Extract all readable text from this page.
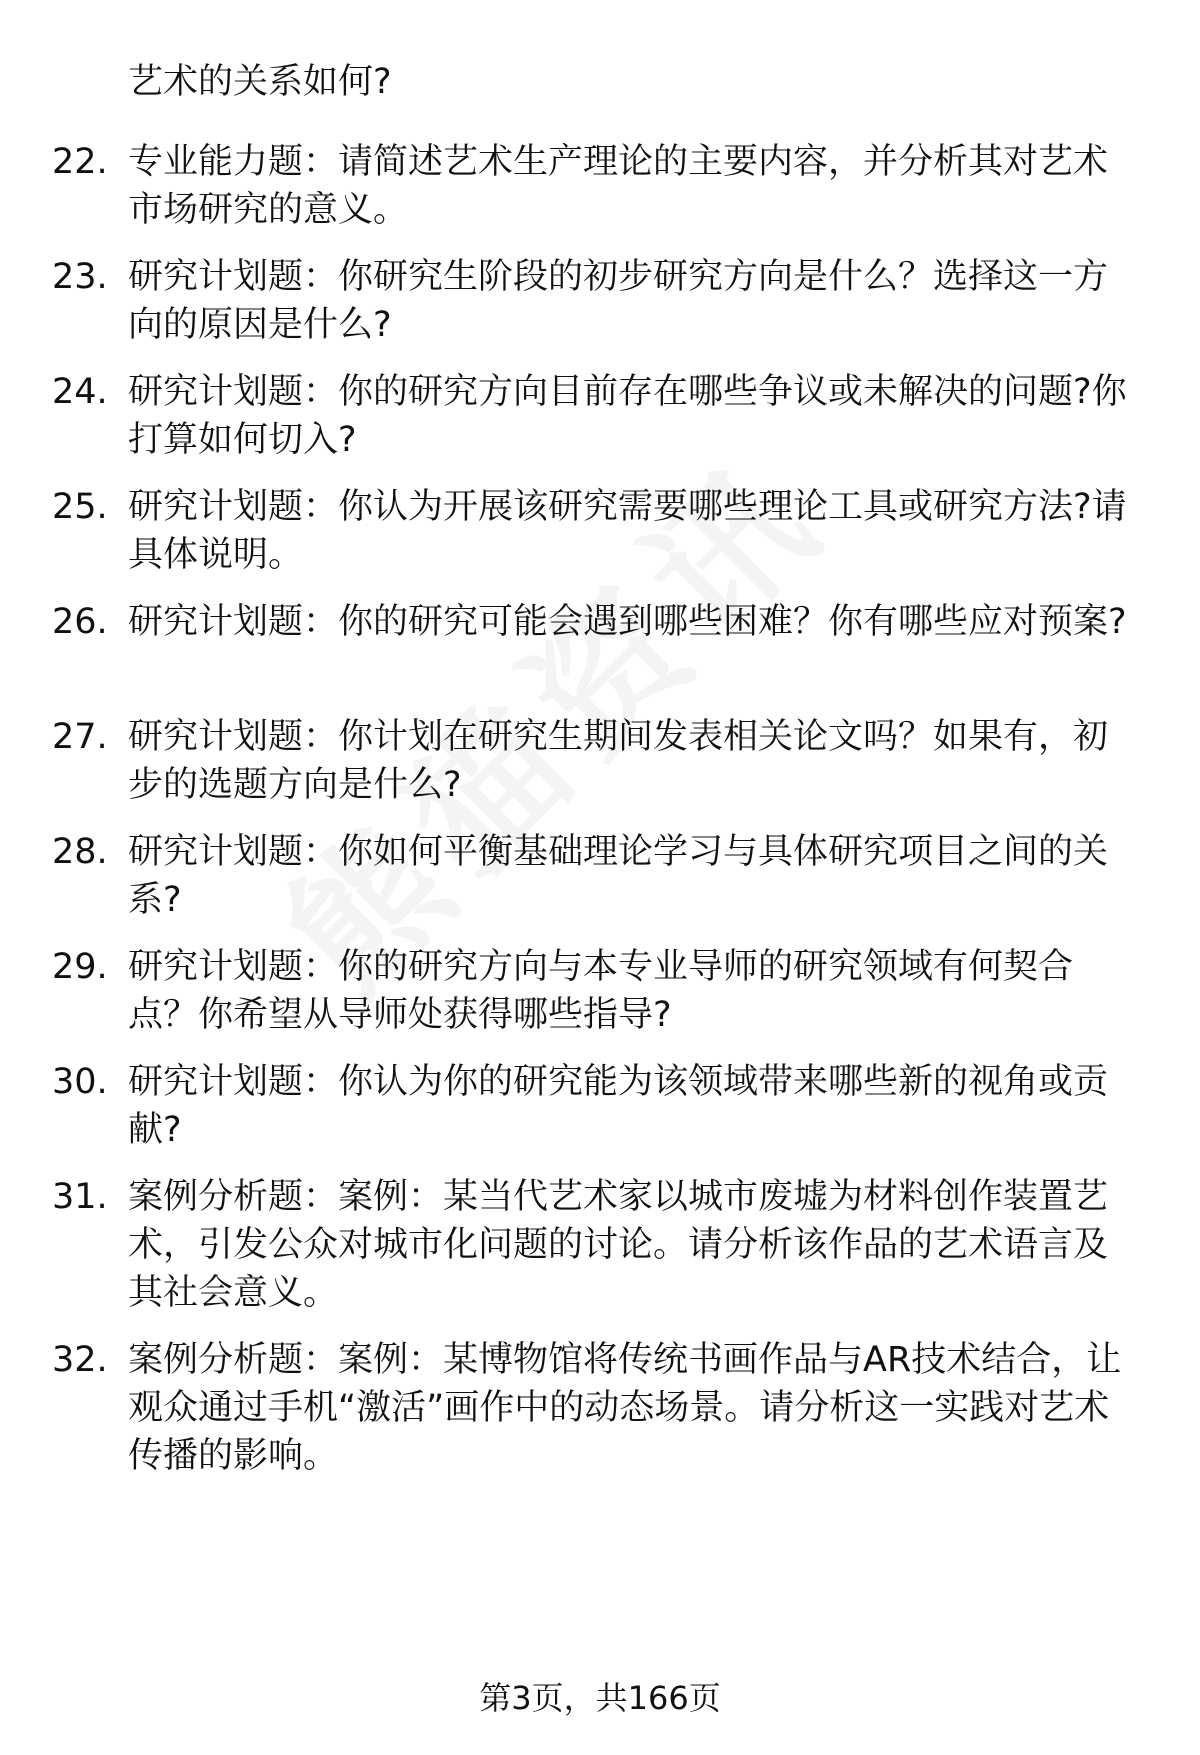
艺术的关系如何?
22. 专业能力题：请简述艺术生产理论的主要内容，并分析其对艺术市场研究的意义。
23. 研究计划题：你研究生阶段的初步研究方向是什么？选择这一方向的原因是什么?
24. 研究计划题：你的研究方向目前存在哪些争议或未解决的问题?你打算如何切入?
25. 研究计划题：你认为开展该研究需要哪些理论工具或研究方法?请具体说明。
26. 研究计划题：你的研究可能会遇到哪些困难？你有哪些应对预案?
27. 研究计划题：你计划在研究生期间发表相关论文吗？如果有，初步的选题方向是什么?
28. 研究计划题：你如何平衡基础理论学习与具体研究项目之间的关系?
29. 研究计划题：你的研究方向与本专业导师的研究领域有何契合点？你希望从导师处获得哪些指导?
30. 研究计划题：你认为你的研究能为该领域带来哪些新的视角或贡献?
31. 案例分析题：案例：某当代艺术家以城市废墟为材料创作装置艺术，引发公众对城市化问题的讨论。请分析该作品的艺术语言及其社会意义。
32. 案例分析题：案例：某博物馆将传统书画作品与AR技术结合，让观众通过手机“激活”画作中的动态场景。请分析这一实践对艺术传播的影响。
第3页，共166页
